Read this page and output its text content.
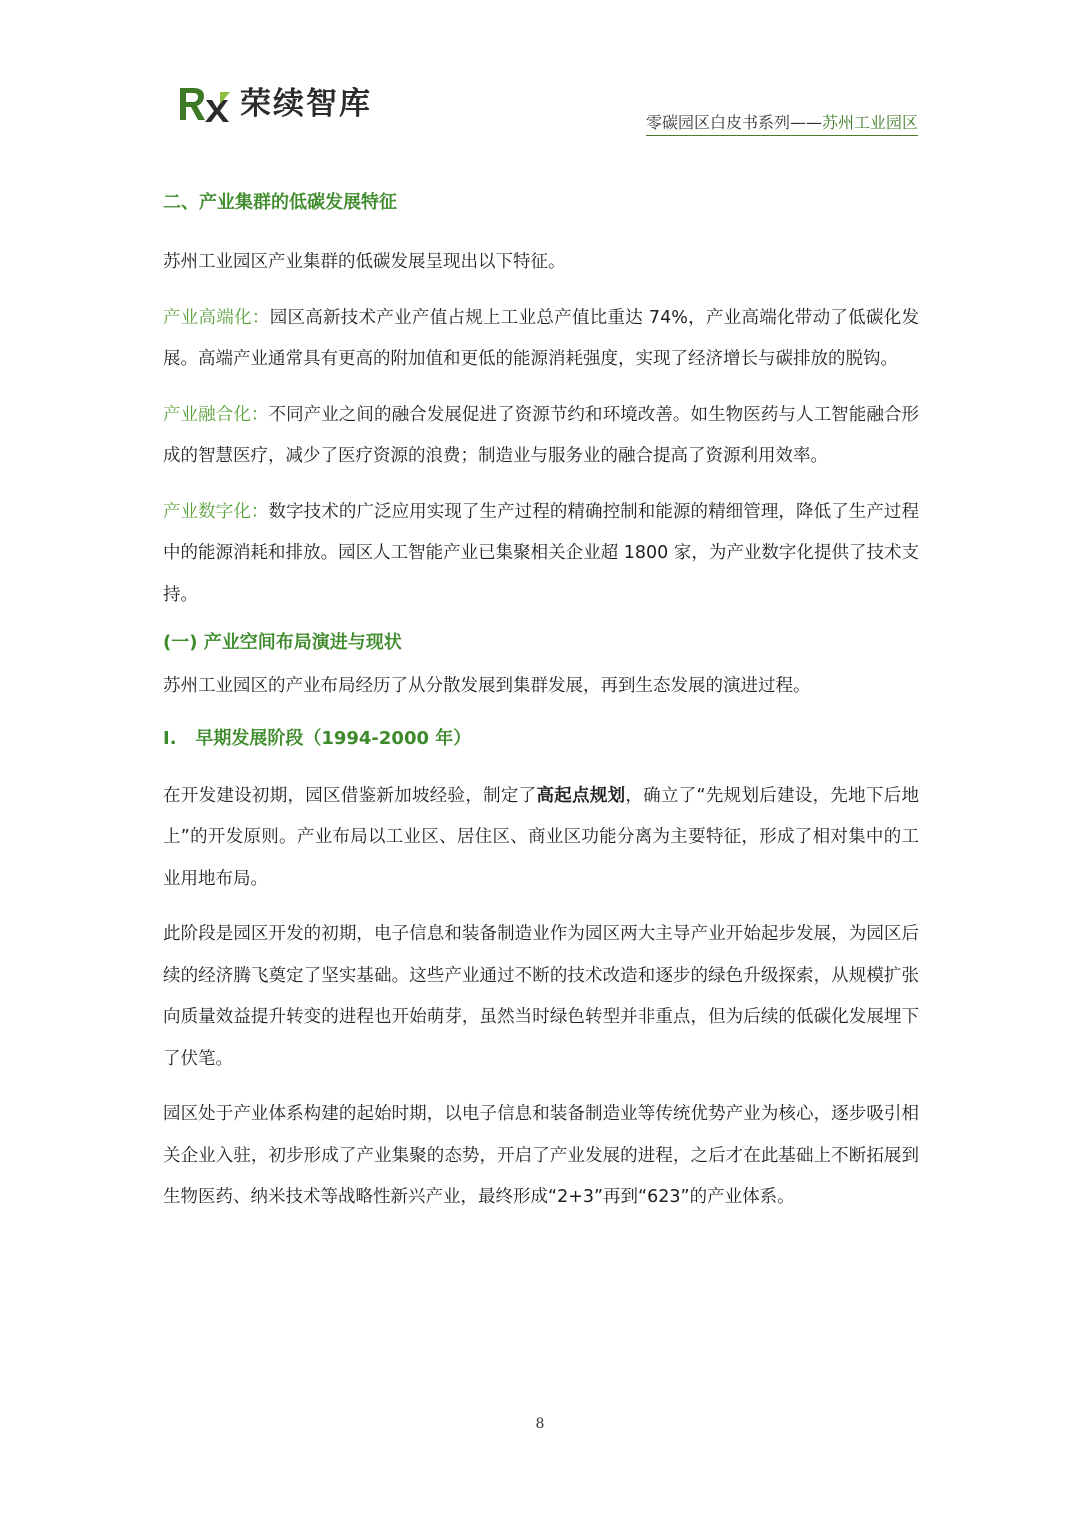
荣续智库
零碳园区白皮书系列——苏州工业园区
二、产业集群的低碳发展特征
苏州工业园区产业集群的低碳发展呈现出以下特征。
产业高端化：园区高新技术产业产值占规上工业总产值比重达 74%，产业高端化带动了低碳化发展。高端产业通常具有更高的附加值和更低的能源消耗强度，实现了经济增长与碳排放的脱钩。
产业融合化：不同产业之间的融合发展促进了资源节约和环境改善。如生物医药与人工智能融合形成的智慧医疗，减少了医疗资源的浪费；制造业与服务业的融合提高了资源利用效率。
产业数字化：数字技术的广泛应用实现了生产过程的精确控制和能源的精细管理，降低了生产过程中的能源消耗和排放。园区人工智能产业已集聚相关企业超 1800 家，为产业数字化提供了技术支持。
(一) 产业空间布局演进与现状
苏州工业园区的产业布局经历了从分散发展到集群发展，再到生态发展的演进过程。
I.   早期发展阶段（1994-2000 年）
在开发建设初期，园区借鉴新加坡经验，制定了高起点规划，确立了“先规划后建设，先地下后地上”的开发原则。产业布局以工业区、居住区、商业区功能分离为主要特征，形成了相对集中的工业用地布局。
此阶段是园区开发的初期，电子信息和装备制造业作为园区两大主导产业开始起步发展，为园区后续的经济腾飞奠定了坚实基础。这些产业通过不断的技术改造和逐步的绿色升级探索，从规模扩张向质量效益提升转变的进程也开始萌芽，虽然当时绿色转型并非重点，但为后续的低碳化发展埋下了伏笔。
园区处于产业体系构建的起始时期，以电子信息和装备制造业等传统优势产业为核心，逐步吸引相关企业入驻，初步形成了产业集聚的态势，开启了产业发展的进程，之后才在此基础上不断拓展到生物医药、纳米技术等战略性新兴产业，最终形成“2+3”再到“623”的产业体系。
8
